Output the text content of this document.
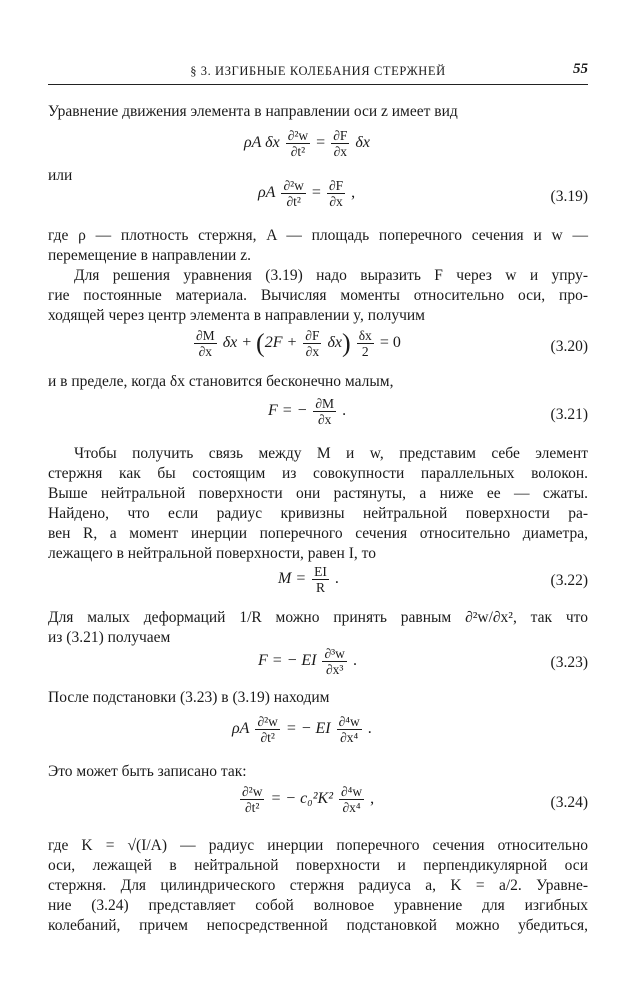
§ 3. ИЗГИБНЫЕ КОЛЕБАНИЯ СТЕРЖНЕЙ	55
Уравнение движения элемента в направлении оси z имеет вид
ρA δx $\frac{\text{∂²w}}{\text{∂t²}} = \frac{\partial F}{\partial x}$ δx
или
ρA $\frac{\text{∂²w}}{\text{∂t²}} = \frac{\partial F}{\partial x}$ ,	(3.19)
где ρ — плотность стержня, A — площадь поперечного сечения и w —
перемещение в направлении z.
Для решения уравнения (3.19) надо выразить F через w и упру-
гие постоянные материала. Вычисляя моменты относительно оси, про-
ходящей через центр элемента в направлении y, получим
$\frac{\partial M}{\partial x}$ $\delta x + (2F + \frac{\partial F}{\partial x} \delta x) \frac{\delta x}{2} = 0$	(3.20)
и в пределе, когда δx становится бесконечно малым,
F = − $\frac{\partial M}{\partial x}$ .	(3.21)
Чтобы получить связь между M и w, представим себе элемент
стержня как бы состоящим из совокупности параллельных волокон.
Выше нейтральной поверхности они растянуты, а ниже ее — сжаты.
Найдено, что если радиус кривизны нейтральной поверхности ра-
вен R, а момент инерции поперечного сечения относительно диаметра,
лежащего в нейтральной поверхности, равен I, то
$M = \frac{EI}{R}$ .	(3.22)
Для малых деформаций 1/R можно принять равным ∂²w/∂x², так что
из (3.21) получаем
F = − EI $\frac{\text{∂³w}}{\text{∂x³}}$ .	(3.23)
После подстановки (3.23) в (3.19) находим
ρA $\frac{\text{∂²w}}{\text{∂t²}}$ = − EI $\frac{\text{∂⁴w}}{\text{∂x⁴}}$ .
Это может быть записано так:
$\frac{\text{∂²w}}{\text{∂t²}}$ = − $c_0^2K^2 \frac{\text{∂⁴w}}{\text{∂x⁴}}$ ,	(3.24)
где K = √(I/A) — радиус инерции поперечного сечения относительно
оси, лежащей в нейтральной поверхности и перпендикулярной оси
стержня. Для цилиндрического стержня радиуса a, K = a/2. Уравне-
ние (3.24) представляет собой волновое уравнение для изгибных
колебаний, причем непосредственной подстановкой можно убедиться,
